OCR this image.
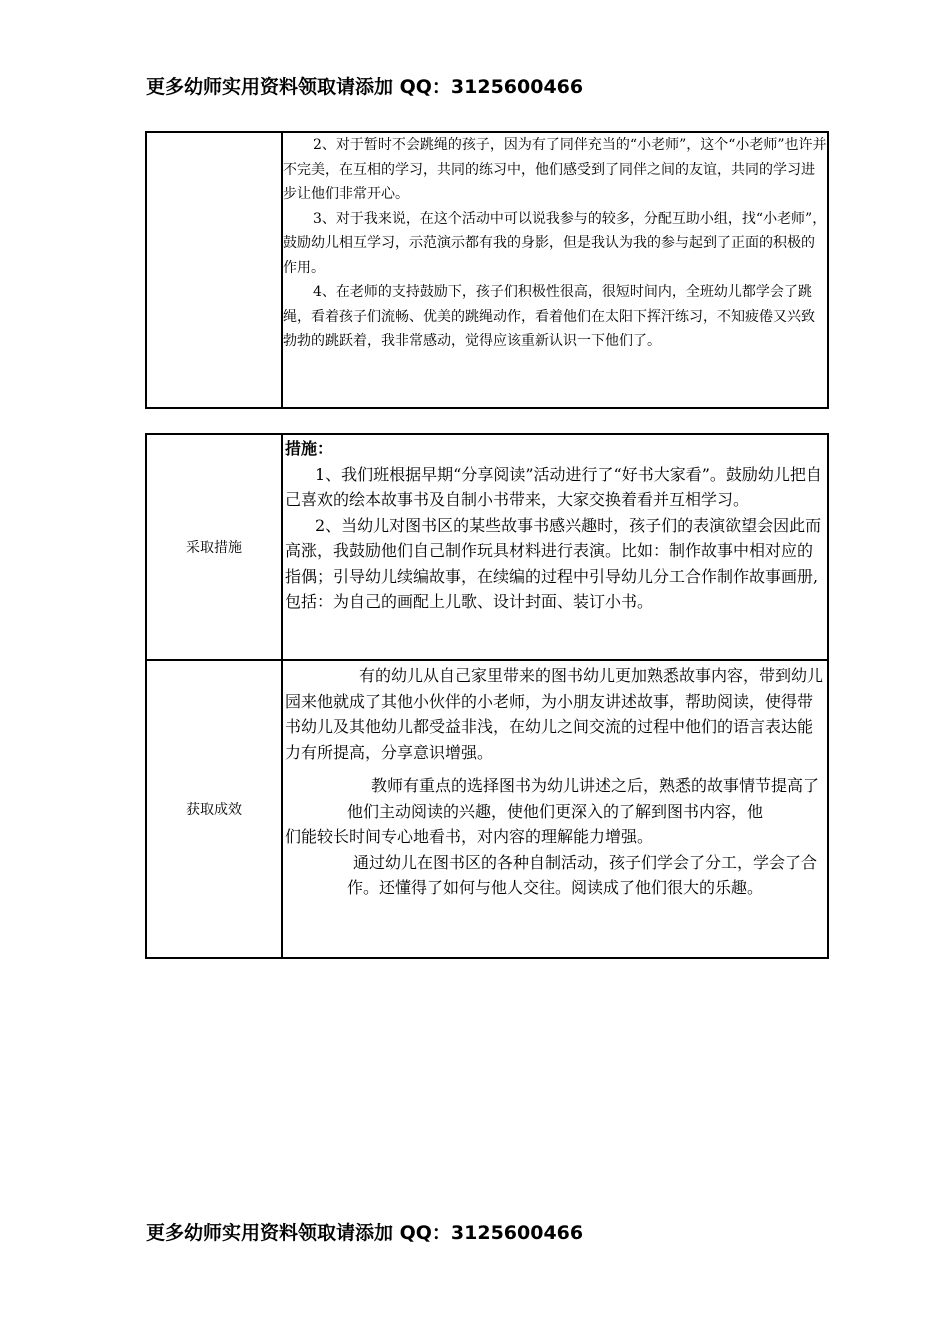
更多幼师实用资料领取请添加 QQ：3125600466

2、对于暂时不会跳绳的孩子，因为有了同伴充当的“小老师”，这个“小老师”也许并不完美，在互相的学习，共同的练习中，他们感受到了同伴之间的友谊，共同的学习进步让他们非常开心。

3、对于我来说，在这个活动中可以说我参与的较多，分配互助小组，找“小老师”，鼓励幼儿相互学习，示范演示都有我的身影，但是我认为我的参与起到了正面的积极的作用。

4、在老师的支持鼓励下，孩子们积极性很高，很短时间内，全班幼儿都学会了跳绳，看着孩子们流畅、优美的跳绳动作，看着他们在太阳下挥汗练习，不知疲倦又兴致勃勃的跳跃着，我非常感动，觉得应该重新认识一下他们了。

采取措施	措施：

1、我们班根据早期“分享阅读”活动进行了“好书大家看”。鼓励幼儿把自己喜欢的绘本故事书及自制小书带来，大家交换着看并互相学习。

2、当幼儿对图书区的某些故事书感兴趣时，孩子们的表演欲望会因此而高涨，我鼓励他们自己制作玩具材料进行表演。比如：制作故事中相对应的指偶；引导幼儿续编故事，在续编的过程中引导幼儿分工合作制作故事画册,包括：为自己的画配上儿歌、设计封面、装订小书。

获取成效	有的幼儿从自己家里带来的图书幼儿更加熟悉故事内容，带到幼儿园来他就成了其他小伙伴的小老师，为小朋友讲述故事，帮助阅读，使得带书幼儿及其他幼儿都受益非浅，在幼儿之间交流的过程中他们的语言表达能力有所提高，分享意识增强。

教师有重点的选择图书为幼儿讲述之后，熟悉的故事情节提高了他们主动阅读的兴趣，使他们更深入的了解到图书内容，他

们能较长时间专心地看书，对内容的理解能力增强。

通过幼儿在图书区的各种自制活动，孩子们学会了分工，学会了合作。还懂得了如何与他人交往。阅读成了他们很大的乐趣。

更多幼师实用资料领取请添加 QQ：3125600466
